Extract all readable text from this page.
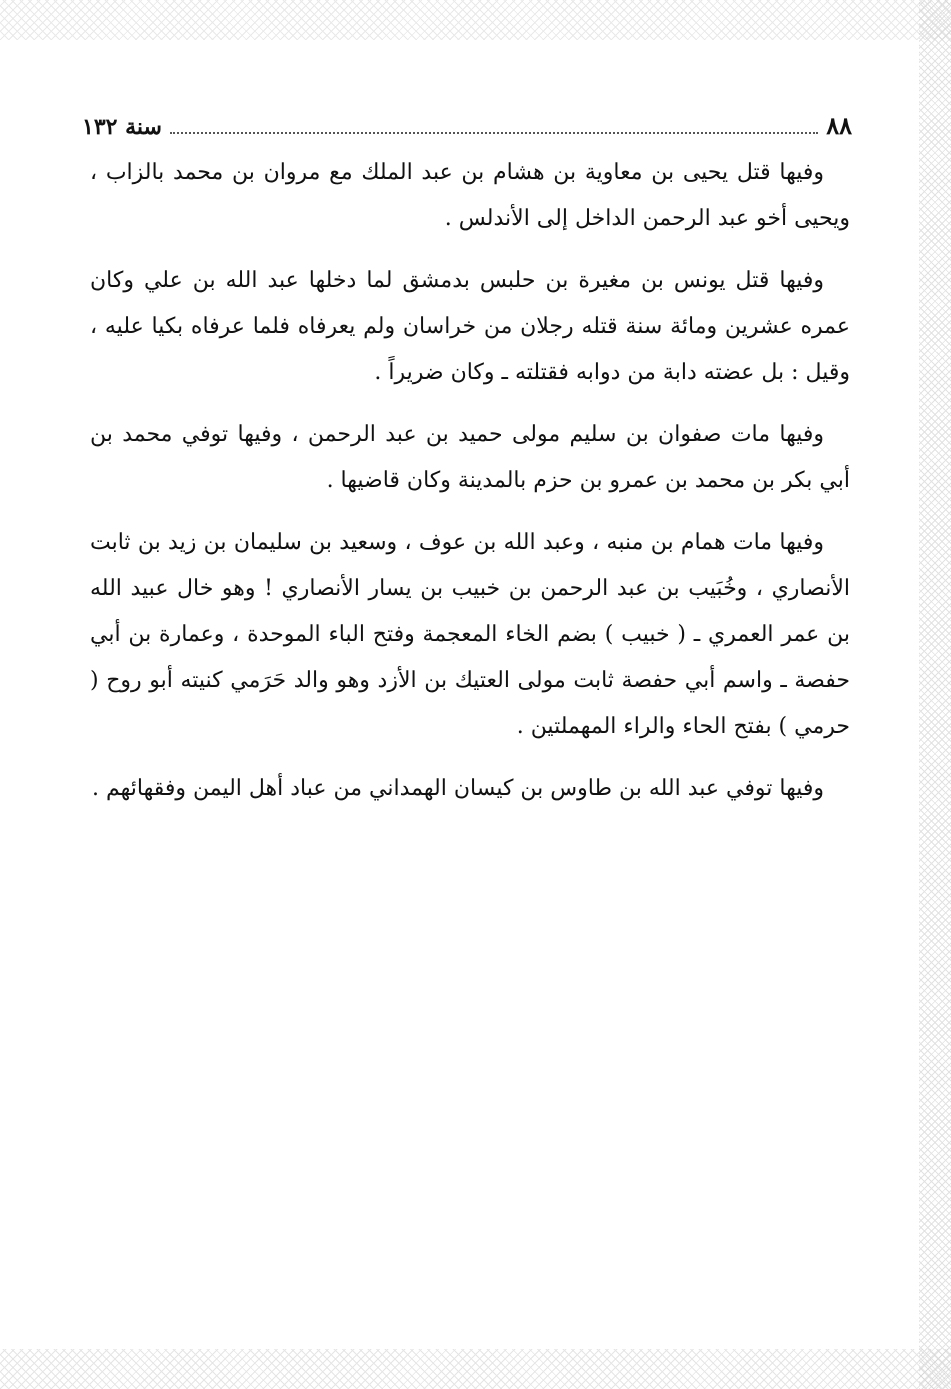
٨٨
سنة ١٣٢

وفيها قتل يحيى بن معاوية بن هشام بن عبد الملك مع مروان بن محمد بالزاب ، ويحيى أخو عبد الرحمن الداخل إلى الأندلس .

وفيها قتل يونس بن مغيرة بن حلبس بدمشق لما دخلها عبد الله بن علي وكان عمره عشرين ومائة سنة قتله رجلان من خراسان ولم يعرفاه فلما عرفاه بكيا عليه ، وقيل : بل عضته دابة من دوابه فقتلته ـ وكان ضريراً .

وفيها مات صفوان بن سليم مولى حميد بن عبد الرحمن ، وفيها توفي محمد بن أبي بكر بن محمد بن عمرو بن حزم بالمدينة وكان قاضيها .

وفيها مات همام بن منبه ، وعبد الله بن عوف ، وسعيد بن سليمان بن زيد بن ثابت الأنصاري ، وخُبَيب بن عبد الرحمن بن خبيب بن يسار الأنصاري ! وهو خال عبيد الله بن عمر العمري ـ ( خبيب ) بضم الخاء المعجمة وفتح الباء الموحدة ، وعمارة بن أبي حفصة ـ واسم أبي حفصة ثابت مولى العتيك بن الأزد وهو والد حَرَمي كنيته أبو روح ( حرمي ) بفتح الحاء والراء المهملتين .

وفيها توفي عبد الله بن طاوس بن كيسان الهمداني من عباد أهل اليمن وفقهائهم .
